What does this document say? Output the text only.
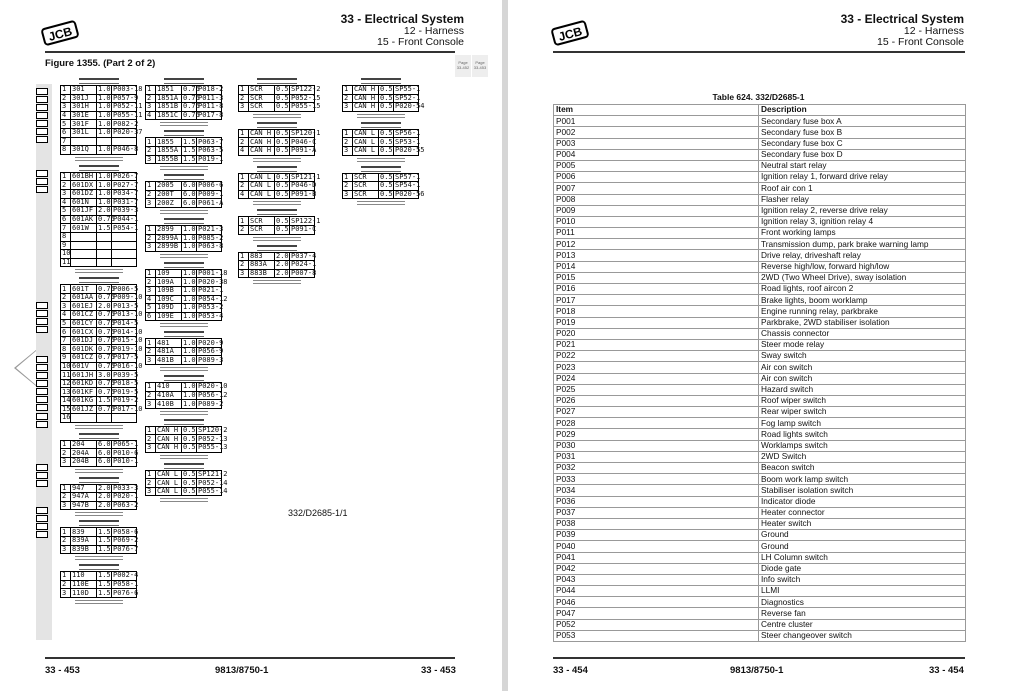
JCB
33 - Electrical System
12 - Harness
15 - Front Console
Figure 1355. (Part 2 of 2)	Page 33-452
Page 33-453
1	301	1.0	P003-18
2	301J	1.0	P057-9
3	301H	1.0	P052-11
4	301E	1.0	P055-11
5	301F	1.0	P082-2
6	301L	1.0	P020-37
7			
8	301Q	1.0	P046-8
1	601BH	1.0	P026-7
2	601DX	1.0	P027-7
3	601DZ	1.0	P034-7
4	601N	1.0	P031-7
5	601JF	2.0	P039-3
6	601AK	0.75	P044-1
7	601W	1.5	P054-1
8			
9			
10			
11			
1	601T	0.75	P006-5
2	601AA	0.75	P009-10
3	601EJ	2.0	P013-5
4	601CZ	0.75	P013-10
5	601CY	0.75	P014-5
6	601CX	0.75	P014-10
7	601DJ	0.75	P015-10
8	601DK	0.75	P019-10
9	601CZ	0.75	P017-5
10	601V	0.75	P016-10
11	601JH	3.0	P039-5
12	601KD	0.75	P018-5
13	601KF	0.75	P019-5
14	601KG	1.5	P019-2
15	601JZ	0.75	P017-10
16			
1	204	6.0	P065-1
2	204A	6.0	P010-6
3	204B	6.0	P010-1
1	947	2.0	P033-3
2	947A	2.0	P020-1
3	947B	2.0	P063-2
1	839	1.5	P058-6
2	839A	1.5	P069-2
3	839B	1.5	P076-7
1	110	1.5	P002-4
2	110E	1.5	P058-1
3	110D	1.5	P076-6
1	1851	0.75	P018-2
2	1851A	0.75	P011-3
3	1851B	0.75	P011-8
4	1851C	0.75	P017-8
1	1855	1.5	P063-7
2	1855A	1.5	P063-5
3	1855B	1.5	P019-1
1	2005	6.0	P006-6
2	200T	6.0	P009-1
3	200Z	6.0	P061-A
1	2899	1.0	P021-3
2	2899A	1.0	P085-2
3	2899B	1.0	P063-8
1	109	1.0	P001-18
2	109A	1.0	P020-38
3	109B	1.0	P021-1
4	109C	1.0	P054-12
5	109D	1.0	P053-2
6	109E	1.0	P053-4
1	481	1.0	P020-9
2	481A	1.0	P056-9
3	481B	1.0	P089-3
1	410	1.0	P020-10
2	410A	1.0	P056-12
3	410B	1.0	P089-2
1	CAN H	0.5	SP120-2
2	CAN H	0.5	P052-13
3	CAN H	0.5	P055-13
1	CAN L	0.5	SP121-2
2	CAN L	0.5	P052-14
3	CAN L	0.5	P055-14
1	SCR	0.5	SP122-2
2	SCR	0.5	P052-15
3	SCR	0.5	P055-15
1	CAN H	0.5	SP120-1
2	CAN H	0.5	P046-C
4	CAN H	0.5	P091-A
1	CAN L	0.5	SP121-1
2	CAN L	0.5	P046-D
4	CAN L	0.5	P091-B
1	SCR	0.5	SP122-1
2	SCR	0.5	P091-C
1	883	2.0	P037-4
2	883A	2.0	P024-1
3	883B	2.0	P007-8
1	CAN H	0.5	SP55-1
2	CAN H	0.5	SP52-1
3	CAN H	0.5	P020-54
1	CAN L	0.5	SP56-1
2	CAN L	0.5	SP53-1
3	CAN L	0.5	P020-55
1	SCR	0.5	SP57-1
2	SCR	0.5	SP54-1
3	SCR	0.5	P020-56
332/D2685-1/1
33 - 453	9813/8750-1	33 - 453
JCB
33 - Electrical System
12 - Harness
15 - Front Console
Table 624. 332/D2685-1
Item	Description
P001	Secondary fuse box A
P002	Secondary fuse box B
P003	Secondary fuse box C
P004	Secondary fuse box D
P005	Neutral start relay
P006	Ignition relay 1, forward drive relay
P007	Roof air con 1
P008	Flasher relay
P009	Ignition relay 2, reverse drive relay
P010	Ignition relay 3, ignition relay 4
P011	Front working lamps
P012	Transmission dump, park brake warning lamp
P013	Drive relay, driveshaft relay
P014	Reverse high/low, forward high/low
P015	2WD (Two Wheel Drive), sway isolation
P016	Road lights, roof aircon 2
P017	Brake lights, boom worklamp
P018	Engine running relay, parkbrake
P019	Parkbrake, 2WD stabiliser isolation
P020	Chassis connector
P021	Steer mode relay
P022	Sway switch
P023	Air con switch
P024	Air con switch
P025	Hazard switch
P026	Roof wiper switch
P027	Rear wiper switch
P028	Fog lamp switch
P029	Road lights switch
P030	Worklamps switch
P031	2WD Switch
P032	Beacon switch
P033	Boom work lamp switch
P034	Stabiliser isolation switch
P036	Indicator diode
P037	Heater connector
P038	Heater switch
P039	Ground
P040	Ground
P041	LH Column switch
P042	Diode gate
P043	Info switch
P044	LLMI
P046	Diagnostics
P047	Reverse fan
P052	Centre cluster
P053	Steer changeover switch
33 - 454	9813/8750-1	33 - 454
